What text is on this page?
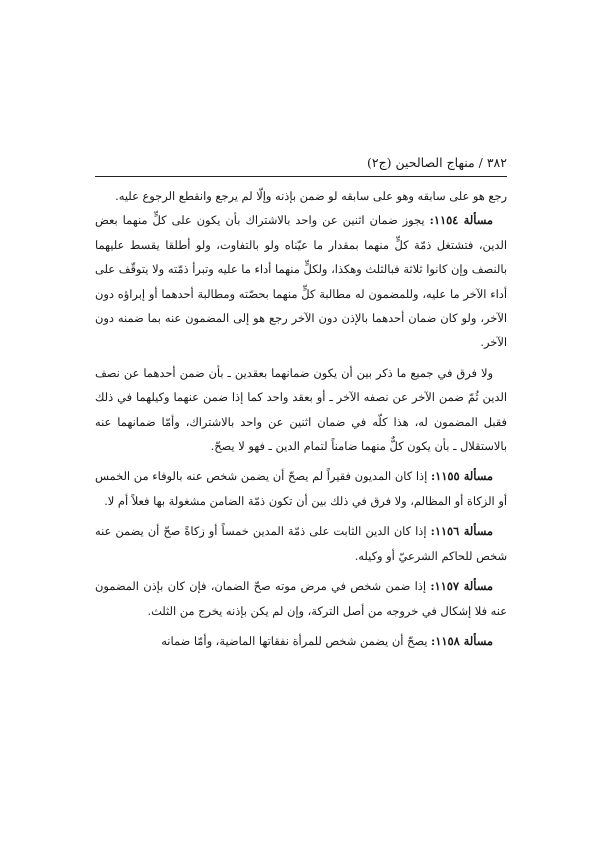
٣٨٢ / منهاج الصالحين (ج٢)

رجع هو على سابقه وهو على سابقه لو ضمن بإذنه وإلّا لم يرجع وانقطع الرجوع عليه.

مسألة ١١٥٤: يجوز ضمان اثنين عن واحد بالاشتراك بأن يكون على كلٍّ منهما بعض الدين، فتشتغل ذمّة كلٍّ منهما بمقدار ما عيّناه ولو بالتفاوت، ولو أطلقا يقسط عليهما بالنصف وإن كانوا ثلاثة فبالثلث وهكذا، ولكلٍّ منهما أداء ما عليه وتبرأ ذمّته ولا يتوقّف على أداء الآخر ما عليه، وللمضمون له مطالبة كلٍّ منهما بحصّته ومطالبة أحدهما أو إبراؤه دون الآخر، ولو كان ضمان أحدهما بالإذن دون الآخر رجع هو إلى المضمون عنه بما ضمنه دون الآخر.

ولا فرق في جميع ما ذكر بين أن يكون ضمانهما بعقدين ـ بأن ضمن أحدهما عن نصف الدين ثُمّ ضمن الآخر عن نصفه الآخر ـ أو بعقد واحد كما إذا ضمن عنهما وكيلهما في ذلك فقبل المضمون له، هذا كلّه في ضمان اثنين عن واحد بالاشتراك، وأمّا ضمانهما عنه بالاستقلال ـ بأن يكون كلٌّ منهما ضامناً لتمام الدين ـ فهو لا يصحّ.

مسألة ١١٥٥: إذا كان المديون فقيراً لم يصحّ أن يضمن شخص عنه بالوفاء من الخمس أو الزكاة أو المظالم، ولا فرق في ذلك بين أن تكون ذمّة الضامن مشغولة بها فعلاً أم لا.

مسألة ١١٥٦: إذا كان الدين الثابت على ذمّة المدين خمساً أو زكاةً صحّ أن يضمن عنه شخص للحاكم الشرعيّ أو وكيله.

مسألة ١١٥٧: إذا ضمن شخص في مرض موته صحّ الضمان، فإن كان بإذن المضمون عنه فلا إشكال في خروجه من أصل التركة، وإن لم يكن بإذنه يخرج من الثلث.

مسألة ١١٥٨: يصحّ أن يضمن شخص للمرأة نفقاتها الماضية، وأمّا ضمانه
